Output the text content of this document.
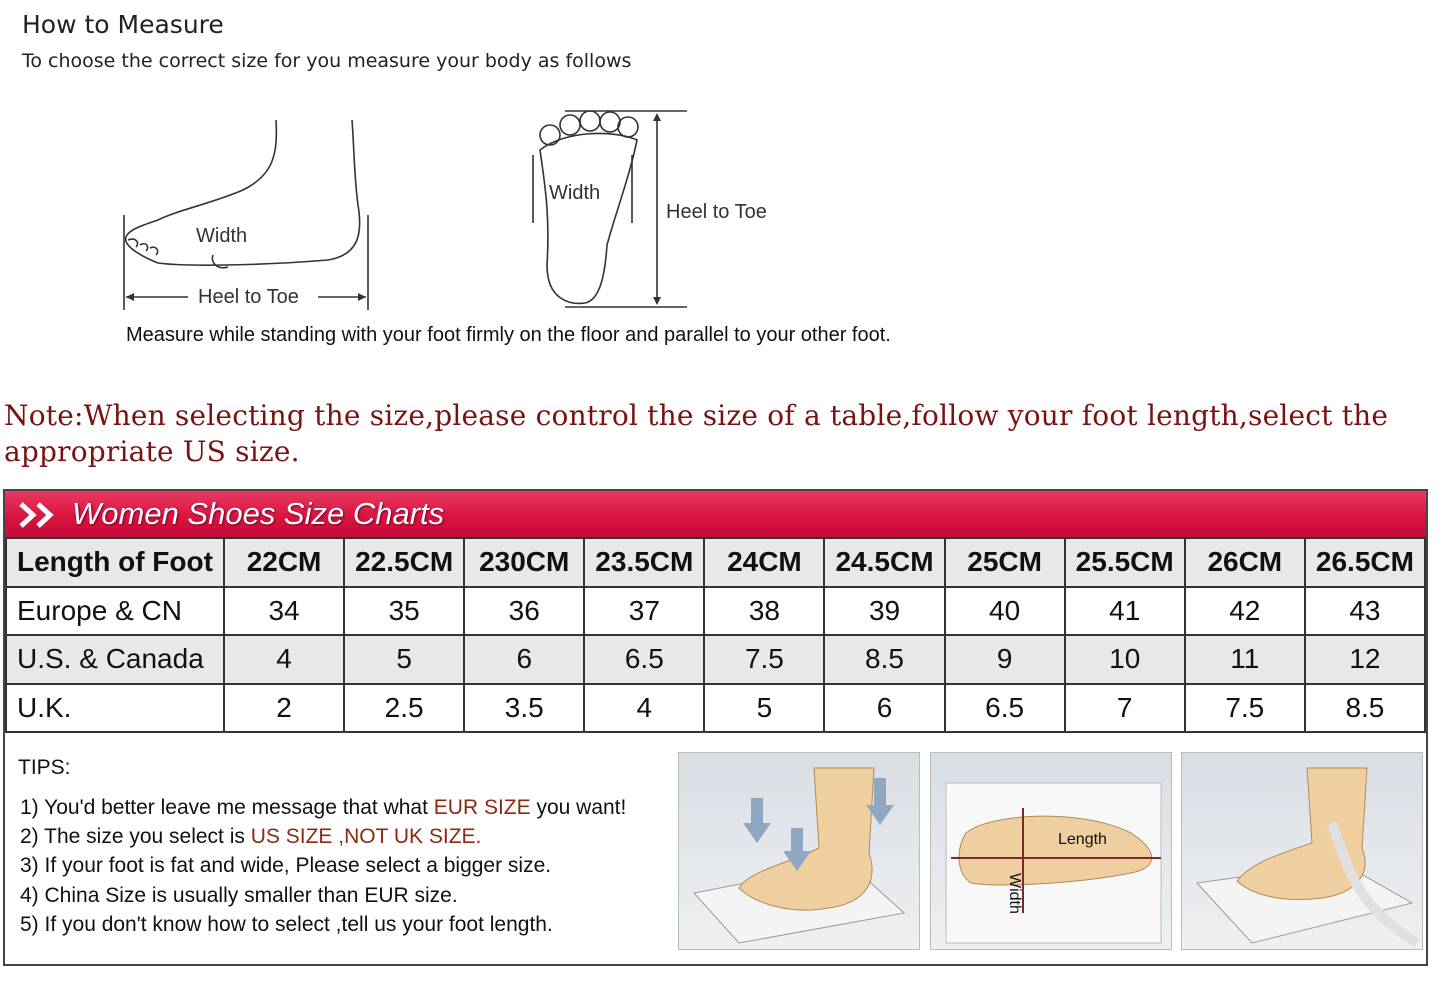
How to Measure
To choose the correct size for you measure your body as follows
Width
Heel to Toe
Width
Heel to Toe
Measure while standing with your foot firmly on the floor and parallel to your other foot.
Note:When selecting the size,please control the size of a table,follow your foot length,select the appropriate US size.
Women Shoes Size Charts
Length of Foot	22CM	22.5CM	230CM	23.5CM	24CM	24.5CM	25CM	25.5CM	26CM	26.5CM
Europe & CN	34	35	36	37	38	39	40	41	42	43
U.S. & Canada	4	5	6	6.5	7.5	8.5	9	10	11	12
U.K.	2	2.5	3.5	4	5	6	6.5	7	7.5	8.5
TIPS:
1) You'd better leave me message that what EUR SIZE you want!
2) The size you select is US SIZE ,NOT UK SIZE.
3) If your foot is fat and wide, Please select a bigger size.
4) China Size is usually smaller than EUR size.
5) If you don't know how to select ,tell us your foot length.
Length
Width
